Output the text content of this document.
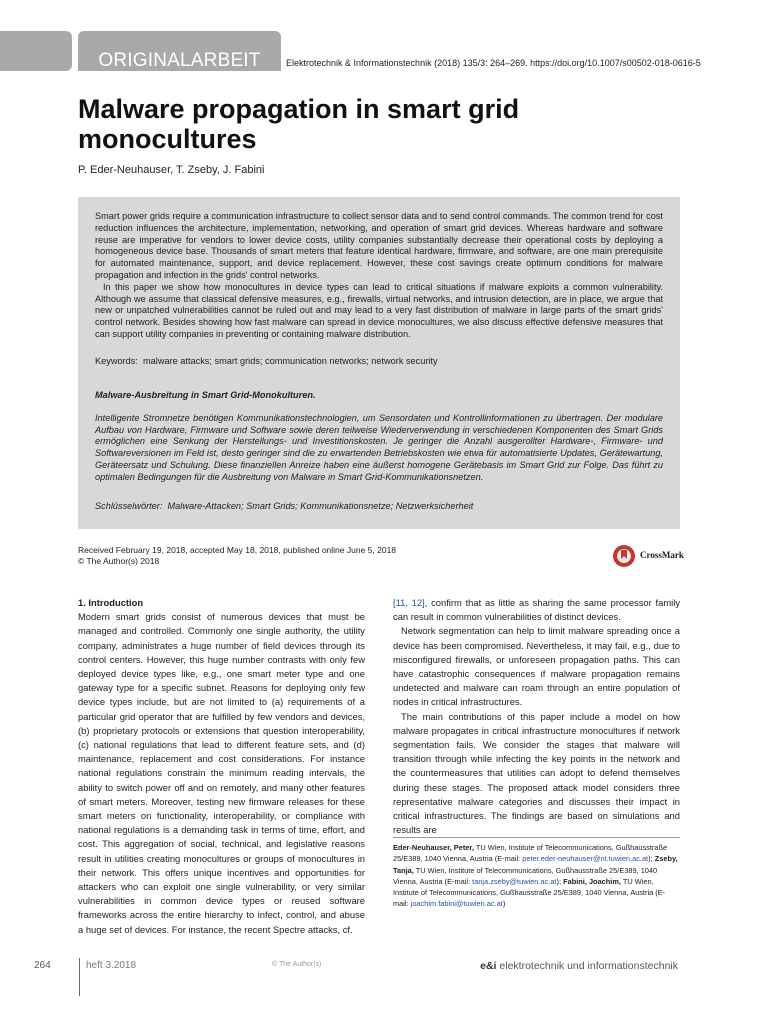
ORIGINALARBEIT	Elektrotechnik & Informationstechnik (2018) 135/3: 264–269. https://doi.org/10.1007/s00502-018-0616-5
Malware propagation in smart grid monocultures
P. Eder-Neuhauser, T. Zseby, J. Fabini

Smart power grids require a communication infrastructure to collect sensor data and to send control commands. The common trend for cost reduction influences the architecture, implementation, networking, and operation of smart grid devices. Whereas hardware and software reuse are imperative for vendors to lower device costs, utility companies substantially decrease their operational costs by deploying a homogeneous device base. Thousands of smart meters that feature identical hardware, firmware, and software, are one main prerequisite for automated maintenance, support, and device replacement. However, these cost savings create optimum conditions for malware propagation and infection in the grids' control networks.

In this paper we show how monocultures in device types can lead to critical situations if malware exploits a common vulnerability. Although we assume that classical defensive measures, e.g., firewalls, virtual networks, and intrusion detection, are in place, we argue that new or unpatched vulnerabilities cannot be ruled out and may lead to a very fast distribution of malware in large parts of the smart grids' control network. Besides showing how fast malware can spread in device monocultures, we also discuss effective defensive measures that can support utility companies in preventing or containing malware distribution.

Keywords: malware attacks; smart grids; communication networks; network security

Malware-Ausbreitung in Smart Grid-Monokulturen.

Intelligente Stromnetze benötigen Kommunikationstechnologien, um Sensordaten und Kontrollinformationen zu übertragen. Der modulare Aufbau von Hardware, Firmware und Software sowie deren teilweise Wiederverwendung in verschiedenen Komponenten des Smart Grids ermöglichen eine Senkung der Herstellungs- und Investitionskosten. Je geringer die Anzahl ausgerollter Hardware-, Firmware- und Softwareversionen im Feld ist, desto geringer sind die zu erwartenden Betriebskosten wie etwa für automatisierte Updates, Gerätewartung, Geräteersatz und Schulung. Diese finanziellen Anreize haben eine äußerst homogene Gerätebasis im Smart Grid zur Folge. Das führt zu optimalen Bedingungen für die Ausbreitung von Malware in Smart Grid-Kommunikationsnetzen.

Schlüsselwörter: Malware-Attacken; Smart Grids; Kommunikationsnetze; Netzwerksicherheit
Received February 19, 2018, accepted May 18, 2018, published online June 5, 2018
© The Author(s) 2018
CrossMark

1. Introduction

Modern smart grids consist of numerous devices that must be managed and controlled. Commonly one single authority, the utility company, administrates a huge number of field devices through its control centers. However, this huge number contrasts with only few deployed device types like, e.g., one smart meter type and one gateway type for a specific subnet. Reasons for deploying only few device types include, but are not limited to (a) requirements of a particular grid operator that are fulfilled by few vendors and devices, (b) proprietary protocols or extensions that question interoperability, (c) national regulations that lead to different feature sets, and (d) maintenance, replacement and cost considerations. For instance national regulations constrain the minimum reading intervals, the ability to switch power off and on remotely, and many other features of smart meters. Moreover, testing new firmware releases for these smart meters on functionality, interoperability, or compliance with national regulations is a demanding task in terms of time, effort, and cost. This aggregation of social, technical, and legislative reasons result in utilities creating monocultures or groups of monocultures in their network. This offers unique incentives and opportunities for attackers who can exploit one single vulnerability, or very similar vulnerabilities in common device types or reused software frameworks across the entire hierarchy to infect, control, and abuse a huge set of devices. For instance, the recent Spectre attacks, cf.

[11, 12], confirm that as little as sharing the same processor family can result in common vulnerabilities of distinct devices.

Network segmentation can help to limit malware spreading once a device has been compromised. Nevertheless, it may fail, e.g., due to misconfigured firewalls, or unforeseen propagation paths. This can have catastrophic consequences if malware propagation remains undetected and malware can roam through an entire population of nodes in critical infrastructures.

The main contributions of this paper include a model on how malware propagates in critical infrastructure monocultures if network segmentation fails. We consider the stages that malware will transition through while infecting the key points in the network and the countermeasures that utilities can adopt to defend themselves during these stages. The proposed attack model considers three representative malware categories and discusses their impact in critical infrastructures. The findings are based on simulations and results are

Eder-Neuhauser, Peter, TU Wien, Institute of Telecommunications, Gußhausstraße 25/E389, 1040 Vienna, Austria (E-mail: peter.eder-neuhauser@nt.tuwien.ac.at); Zseby, Tanja, TU Wien, Institute of Telecommunications, Gußhausstraße 25/E389, 1040 Vienna, Austria (E-mail: tanja.zseby@tuwien.ac.at); Fabini, Joachim, TU Wien, Institute of Telecommunications, Gußhausstraße 25/E389, 1040 Vienna, Austria (E-mail: joachim.fabini@tuwien.ac.at)
264	heft 3.2018	© The Author(s)	e&i elektrotechnik und informationstechnik
